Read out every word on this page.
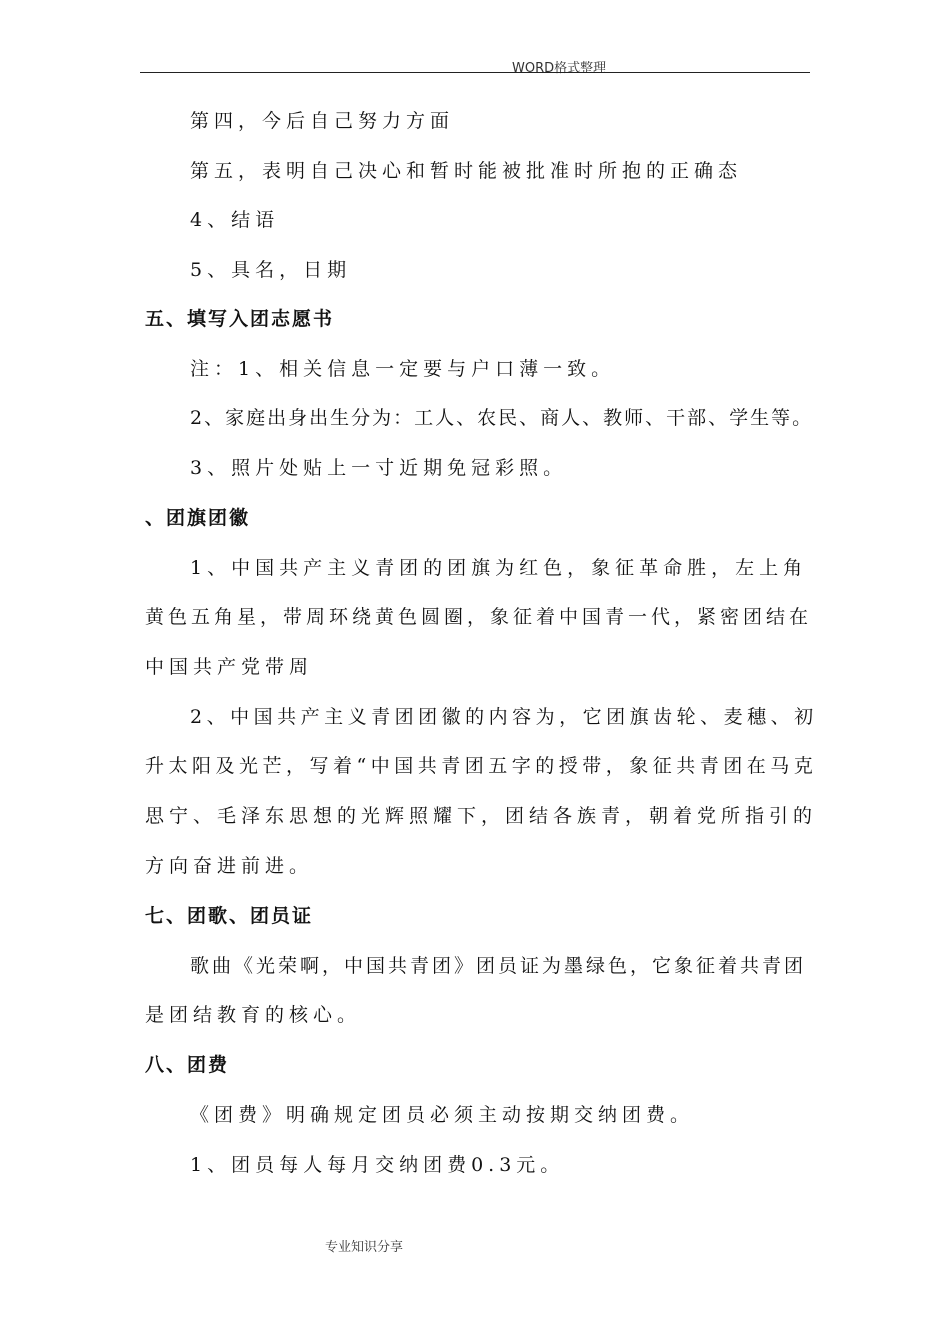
WORD格式整理
第四，今后自己努力方面
第五，表明自己决心和暂时能被批准时所抱的正确态
4、结语
5、具名，日期
五、填写入团志愿书
注：1、相关信息一定要与户口薄一致。
2、家庭出身出生分为：工人、农民、商人、教师、干部、学生等。
3、照片处贴上一寸近期免冠彩照。
、团旗团徽
1、中国共产主义青团的团旗为红色，象征革命胜，左上角
黄色五角星，带周环绕黄色圆圈，象征着中国青一代，紧密团结在
中国共产党带周
2、中国共产主义青团团徽的内容为，它团旗齿轮、麦穗、初
升太阳及光芒，写着“中国共青团五字的授带，象征共青团在马克
思宁、毛泽东思想的光辉照耀下，团结各族青，朝着党所指引的
方向奋进前进。
七、团歌、团员证
歌曲《光荣啊，中国共青团》团员证为墨绿色，它象征着共青团
是团结教育的核心。
八、团费
《团费》明确规定团员必须主动按期交纳团费。
1、团员每人每月交纳团费0.3元。
专业知识分享
